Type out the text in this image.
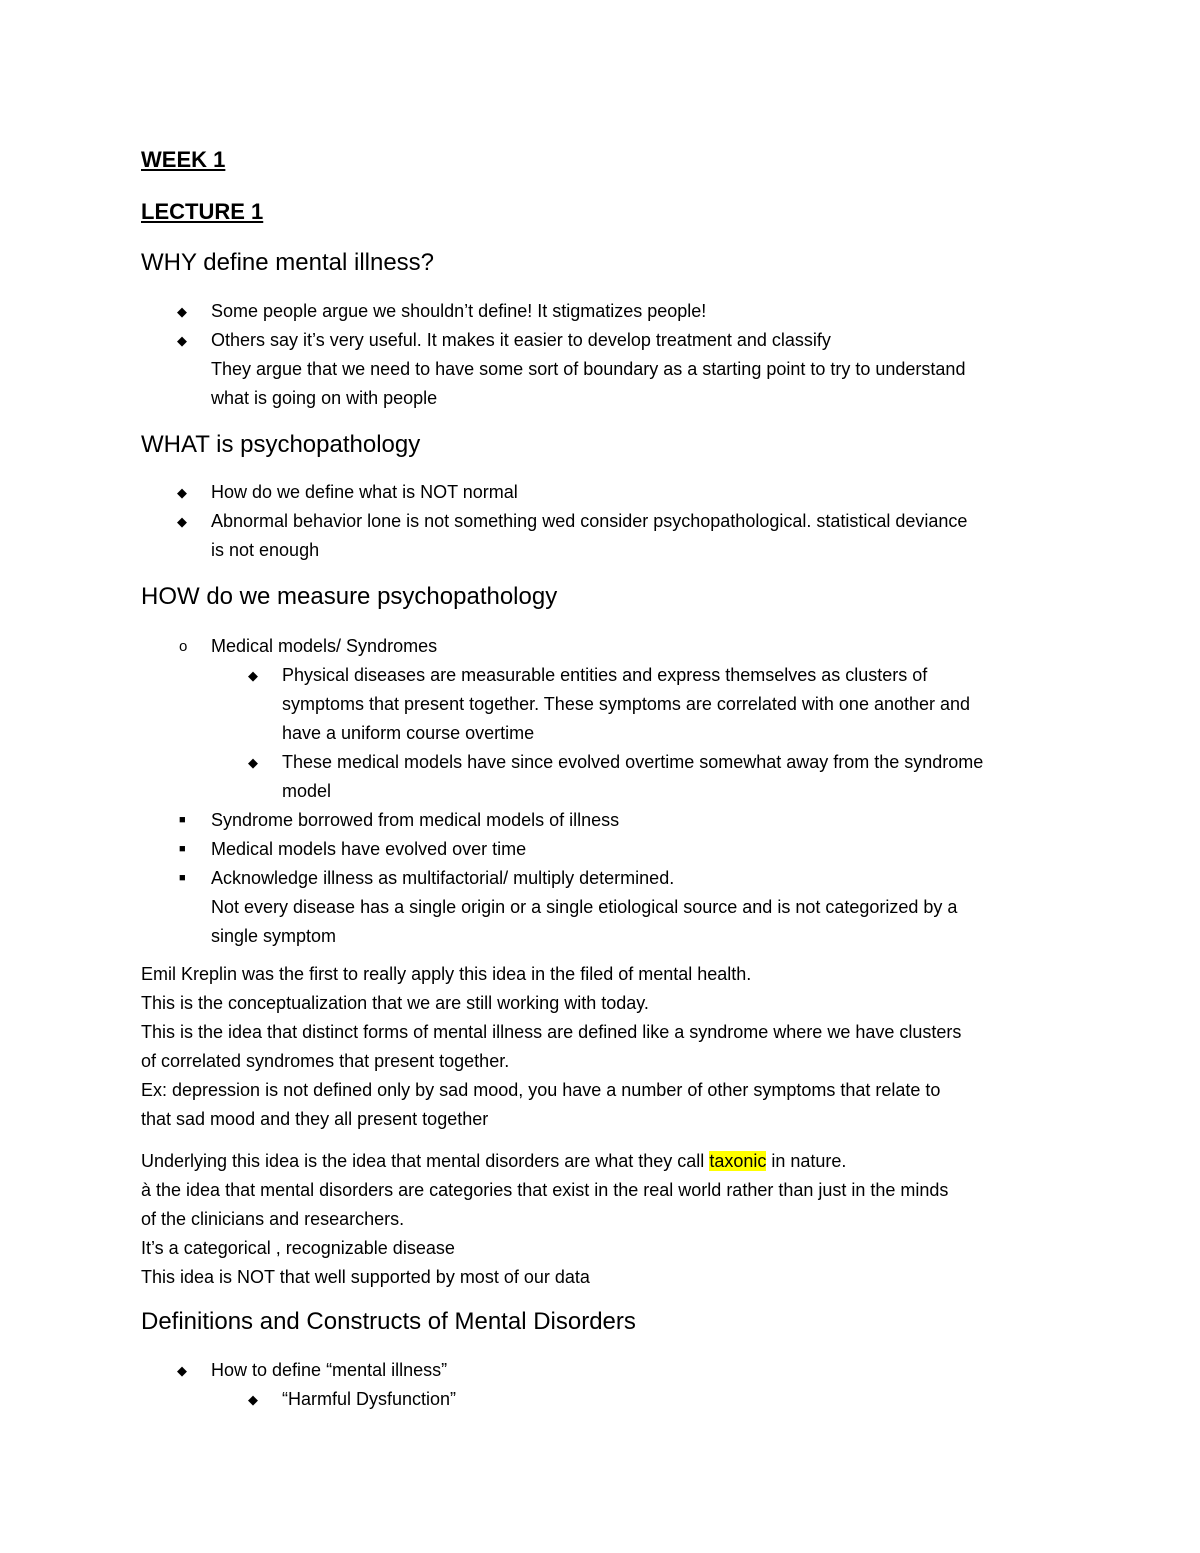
WEEK 1
LECTURE 1
WHY define mental illness?
◆ Some people argue we shouldn’t define! It stigmatizes people!
◆ Others say it’s very useful. It makes it easier to develop treatment and classify
They argue that we need to have some sort of boundary as a starting point to try to understand
what is going on with people
WHAT is psychopathology
◆ How do we define what is NOT normal
◆ Abnormal behavior lone is not something wed consider psychopathological. statistical deviance
is not enough
HOW do we measure psychopathology
o Medical models/ Syndromes
◆ Physical diseases are measurable entities and express themselves as clusters of
symptoms that present together. These symptoms are correlated with one another and
have a uniform course overtime
◆ These medical models have since evolved overtime somewhat away from the syndrome
model
■ Syndrome borrowed from medical models of illness
■ Medical models have evolved over time
■ Acknowledge illness as multifactorial/ multiply determined.
Not every disease has a single origin or a single etiological source and is not categorized by a
single symptom
Emil Kreplin was the first to really apply this idea in the filed of mental health.
This is the conceptualization that we are still working with today.
This is the idea that distinct forms of mental illness are defined like a syndrome where we have clusters
of correlated syndromes that present together.
Ex: depression is not defined only by sad mood, you have a number of other symptoms that relate to
that sad mood and they all present together
Underlying this idea is the idea that mental disorders are what they call taxonic in nature.
à the idea that mental disorders are categories that exist in the real world rather than just in the minds
of the clinicians and researchers.
It’s a categorical , recognizable disease
This idea is NOT that well supported by most of our data
Definitions and Constructs of Mental Disorders
◆ How to define “mental illness”
◆ “Harmful Dysfunction”
